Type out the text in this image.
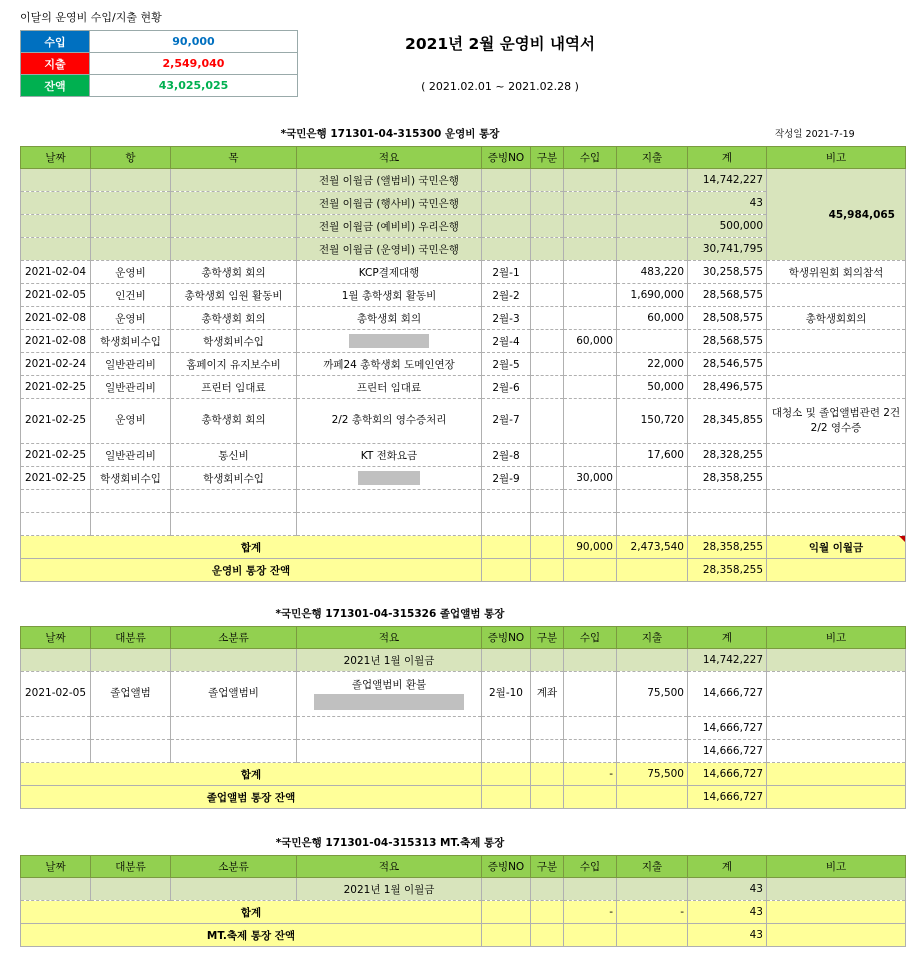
이달의 운영비 수입/지출 현황
수입	90,000
지출	2,549,040
잔액	43,025,025
2021년 2월 운영비 내역서
( 2021.02.01 ~ 2021.02.28 )
작성일 2021-7-19
*국민은행 171301-04-315300 운영비 통장
날짜	항	목	적요	증빙NO	구분	수입	지출	계	비고
			전월 이월금 (앨범비) 국민은행					14,742,227	45,984,065
			전월 이월금 (행사비) 국민은행					43	
			전월 이월금 (예비비) 우리은행					500,000	
			전월 이월금 (운영비) 국민은행					30,741,795	
2021-02-04	운영비	총학생회 회의	KCP결제대행	2월-1			483,220	30,258,575	학생위원회 회의참석
2021-02-05	인건비	총학생회 임원 활동비	1월 총학생회 활동비	2월-2			1,690,000	28,568,575	
2021-02-08	운영비	총학생회 회의	총학생회 회의	2월-3			60,000	28,508,575	총학생회회의
2021-02-08	학생회비수입	학생회비수입		2월-4		60,000		28,568,575	
2021-02-24	일반관리비	홈페이지 유지보수비	까페24 총학생회 도메인연장	2월-5			22,000	28,546,575	
2021-02-25	일반관리비	프린터 임대료	프린터 임대료	2월-6			50,000	28,496,575	
2021-02-25	운영비	총학생회 회의	2/2 총학회의 영수증처리	2월-7			150,720	28,345,855	대청소 및 졸업앨범관련 2건 2/2 영수증
2021-02-25	일반관리비	통신비	KT 전화요금	2월-8			17,600	28,328,255	
2021-02-25	학생회비수입	학생회비수입		2월-9		30,000		28,358,255	

합계						90,000	2,473,540	28,358,255	익월 이월금
운영비 통장 잔액								28,358,255	
*국민은행 171301-04-315326 졸업앨범 통장
날짜	대분류	소분류	적요	증빙NO	구분	수입	지출	계	비고
			2021년 1월 이월금					14,742,227	
2021-02-05	졸업앨범	졸업앨범비	졸업앨범비 환불	2월-10	계좌		75,500	14,666,727	
								14,666,727	
								14,666,727	
합계						-	75,500	14,666,727	
졸업앨범 통장 잔액								14,666,727	
*국민은행 171301-04-315313 MT.축제 통장
날짜	대분류	소분류	적요	증빙NO	구분	수입	지출	계	비고
			2021년 1월 이월금					43	
합계						-	-	43	
MT.축제 통장 잔액								43	
